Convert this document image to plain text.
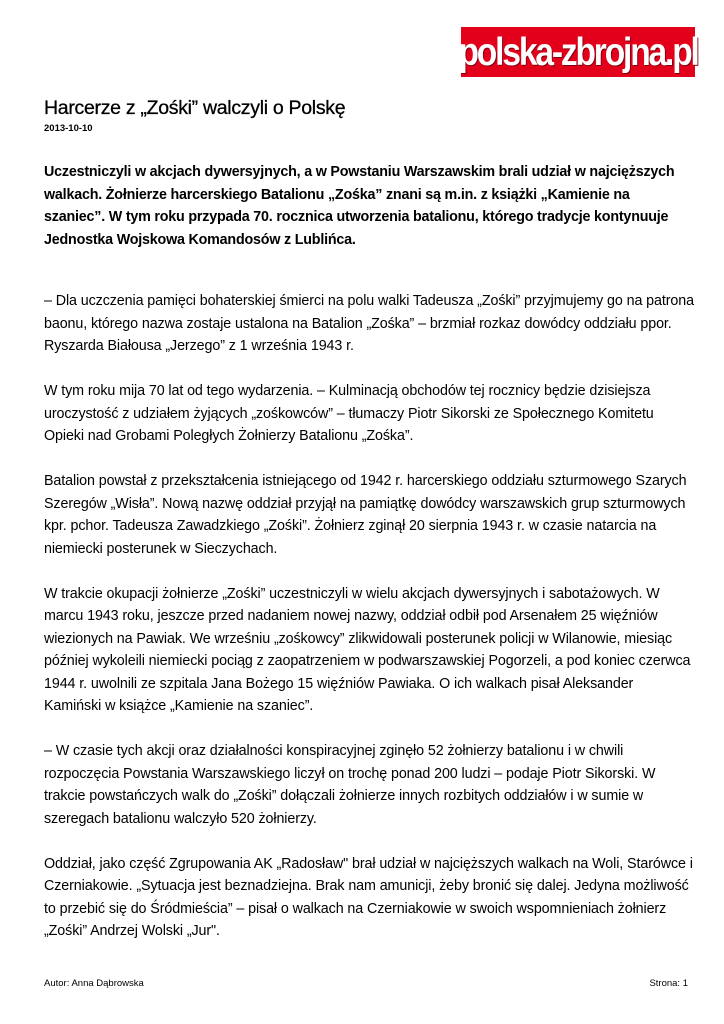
polska-zbrojna.pl
Harcerze z „Zośki” walczyli o Polskę
2013-10-10

Uczestniczyli w akcjach dywersyjnych, a w Powstaniu Warszawskim brali udział w najcięższych walkach. Żołnierze harcerskiego Batalionu „Zośka” znani są m.in. z książki „Kamienie na szaniec”. W tym roku przypada 70. rocznica utworzenia batalionu, którego tradycje kontynuuje Jednostka Wojskowa Komandosów z Lublińca.

– Dla uczczenia pamięci bohaterskiej śmierci na polu walki Tadeusza „Zośki” przyjmujemy go na patrona baonu, którego nazwa zostaje ustalona na Batalion „Zośka” – brzmiał rozkaz dowódcy oddziału ppor. Ryszarda Białousa „Jerzego” z 1 września 1943 r.

W tym roku mija 70 lat od tego wydarzenia. – Kulminacją obchodów tej rocznicy będzie dzisiejsza uroczystość z udziałem żyjących „zośkowców” – tłumaczy Piotr Sikorski ze Społecznego Komitetu Opieki nad Grobami Poległych Żołnierzy Batalionu „Zośka”.

Batalion powstał z przekształcenia istniejącego od 1942 r. harcerskiego oddziału szturmowego Szarych Szeregów „Wisła”. Nową nazwę oddział przyjął na pamiątkę dowódcy warszawskich grup szturmowych kpr. pchor. Tadeusza Zawadzkiego „Zośki”. Żołnierz zginął 20 sierpnia 1943 r. w czasie natarcia na niemiecki posterunek w Sieczychach.

W trakcie okupacji żołnierze „Zośki” uczestniczyli w wielu akcjach dywersyjnych i sabotażowych. W marcu 1943 roku, jeszcze przed nadaniem nowej nazwy, oddział odbił pod Arsenałem 25 więźniów wiezionych na Pawiak. We wrześniu „zośkowcy” zlikwidowali posterunek policji w Wilanowie, miesiąc później wykoleili niemiecki pociąg z zaopatrzeniem w podwarszawskiej Pogorzeli, a pod koniec czerwca 1944 r. uwolnili ze szpitala Jana Bożego 15 więźniów Pawiaka. O ich walkach pisał Aleksander Kamiński w książce „Kamienie na szaniec”.

– W czasie tych akcji oraz działalności konspiracyjnej zginęło 52 żołnierzy batalionu i w chwili rozpoczęcia Powstania Warszawskiego liczył on trochę ponad 200 ludzi – podaje Piotr Sikorski. W trakcie powstańczych walk do „Zośki” dołączali żołnierze innych rozbitych oddziałów i w sumie w szeregach batalionu walczyło 520 żołnierzy.

Oddział, jako część Zgrupowania AK „Radosław" brał udział w najcięższych walkach na Woli, Starówce i Czerniakowie. „Sytuacja jest beznadziejna. Brak nam amunicji, żeby bronić się dalej. Jedyna możliwość to przebić się do Śródmieścia” – pisał o walkach na Czerniakowie w swoich wspomnieniach żołnierz „Zośki” Andrzej Wolski „Jur".

Autor: Anna Dąbrowska	Strona: 1
